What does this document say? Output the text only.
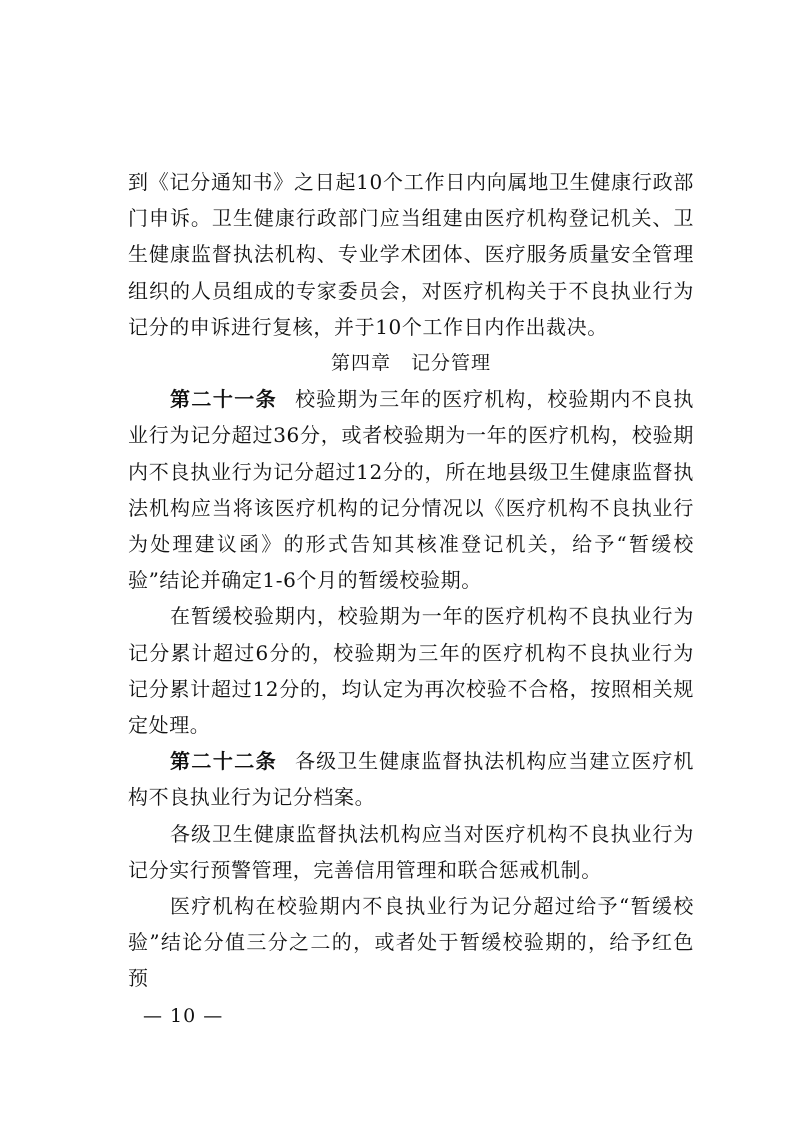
到《记分通知书》之日起10个工作日内向属地卫生健康行政部门申诉。卫生健康行政部门应当组建由医疗机构登记机关、卫生健康监督执法机构、专业学术团体、医疗服务质量安全管理组织的人员组成的专家委员会，对医疗机构关于不良执业行为记分的申诉进行复核，并于10个工作日内作出裁决。

第四章　记分管理

第二十一条 校验期为三年的医疗机构，校验期内不良执业行为记分超过36分，或者校验期为一年的医疗机构，校验期内不良执业行为记分超过12分的，所在地县级卫生健康监督执法机构应当将该医疗机构的记分情况以《医疗机构不良执业行为处理建议函》的形式告知其核准登记机关，给予“暂缓校验”结论并确定1-6个月的暂缓校验期。

在暂缓校验期内，校验期为一年的医疗机构不良执业行为记分累计超过6分的，校验期为三年的医疗机构不良执业行为记分累计超过12分的，均认定为再次校验不合格，按照相关规定处理。

第二十二条 各级卫生健康监督执法机构应当建立医疗机构不良执业行为记分档案。

各级卫生健康监督执法机构应当对医疗机构不良执业行为记分实行预警管理，完善信用管理和联合惩戒机制。

医疗机构在校验期内不良执业行为记分超过给予“暂缓校验”结论分值三分之二的，或者处于暂缓校验期的，给予红色预

— 10 —
